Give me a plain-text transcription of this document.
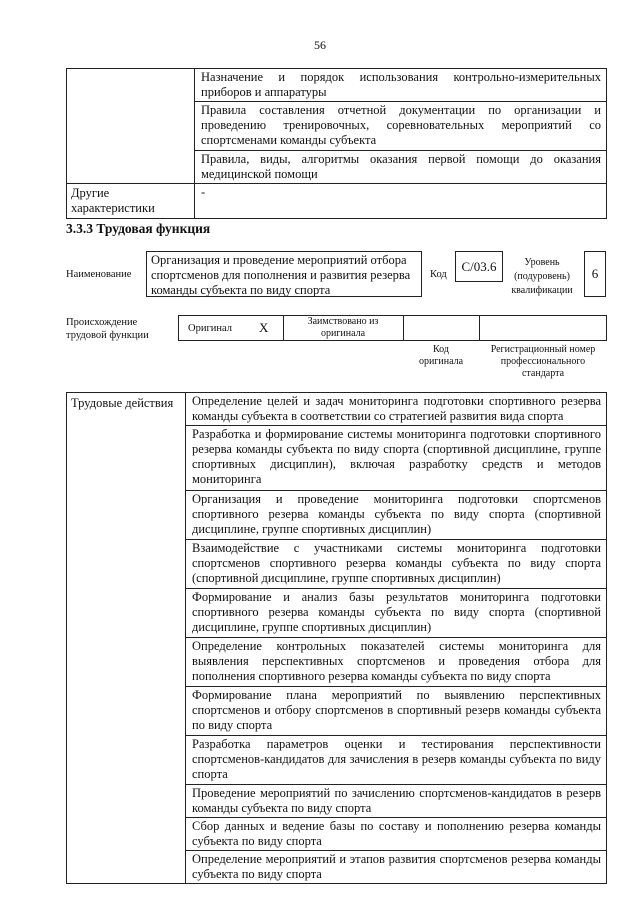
56
	Назначение и порядок использования контрольно-измерительных приборов и аппаратуры
	Правила составления отчетной документации по организации и проведению тренировочных, соревновательных мероприятий со спортсменами команды субъекта
	Правила, виды, алгоритмы оказания первой помощи до оказания медицинской помощи
Другие характеристики	-
3.3.3 Трудовая функция
Наименование
Организация и проведение мероприятий отбора спортсменов для пополнения и развития резерва команды субъекта по виду спорта
Код
С/03.6	Уровень (подуровень) квалификации
6
Происхождение трудовой функции
Оригинал Х	Заимствовано из оригинала
Код оригинала
Регистрационный номер профессионального стандарта
Трудовые действия	Определение целей и задач мониторинга подготовки спортивного резерва команды субъекта в соответствии со стратегией развития вида спорта
Разработка и формирование системы мониторинга подготовки спортивного резерва команды субъекта по виду спорта (спортивной дисциплине, группе спортивных дисциплин), включая разработку средств и методов мониторинга
Организация и проведение мониторинга подготовки спортсменов спортивного резерва команды субъекта по виду спорта (спортивной дисциплине, группе спортивных дисциплин)
Взаимодействие с участниками системы мониторинга подготовки спортсменов спортивного резерва команды субъекта по виду спорта (спортивной дисциплине, группе спортивных дисциплин)
Формирование и анализ базы результатов мониторинга подготовки спортивного резерва команды субъекта по виду спорта (спортивной дисциплине, группе спортивных дисциплин)
Определение контрольных показателей системы мониторинга для выявления перспективных спортсменов и проведения отбора для пополнения спортивного резерва команды субъекта по виду спорта
Формирование плана мероприятий по выявлению перспективных спортсменов и отбору спортсменов в спортивный резерв команды субъекта по виду спорта
Разработка параметров оценки и тестирования перспективности спортсменов-кандидатов для зачисления в резерв команды субъекта по виду спорта
Проведение мероприятий по зачислению спортсменов-кандидатов в резерв команды субъекта по виду спорта
Сбор данных и ведение базы по составу и пополнению резерва команды субъекта по виду спорта
Определение мероприятий и этапов развития спортсменов резерва команды субъекта по виду спорта
